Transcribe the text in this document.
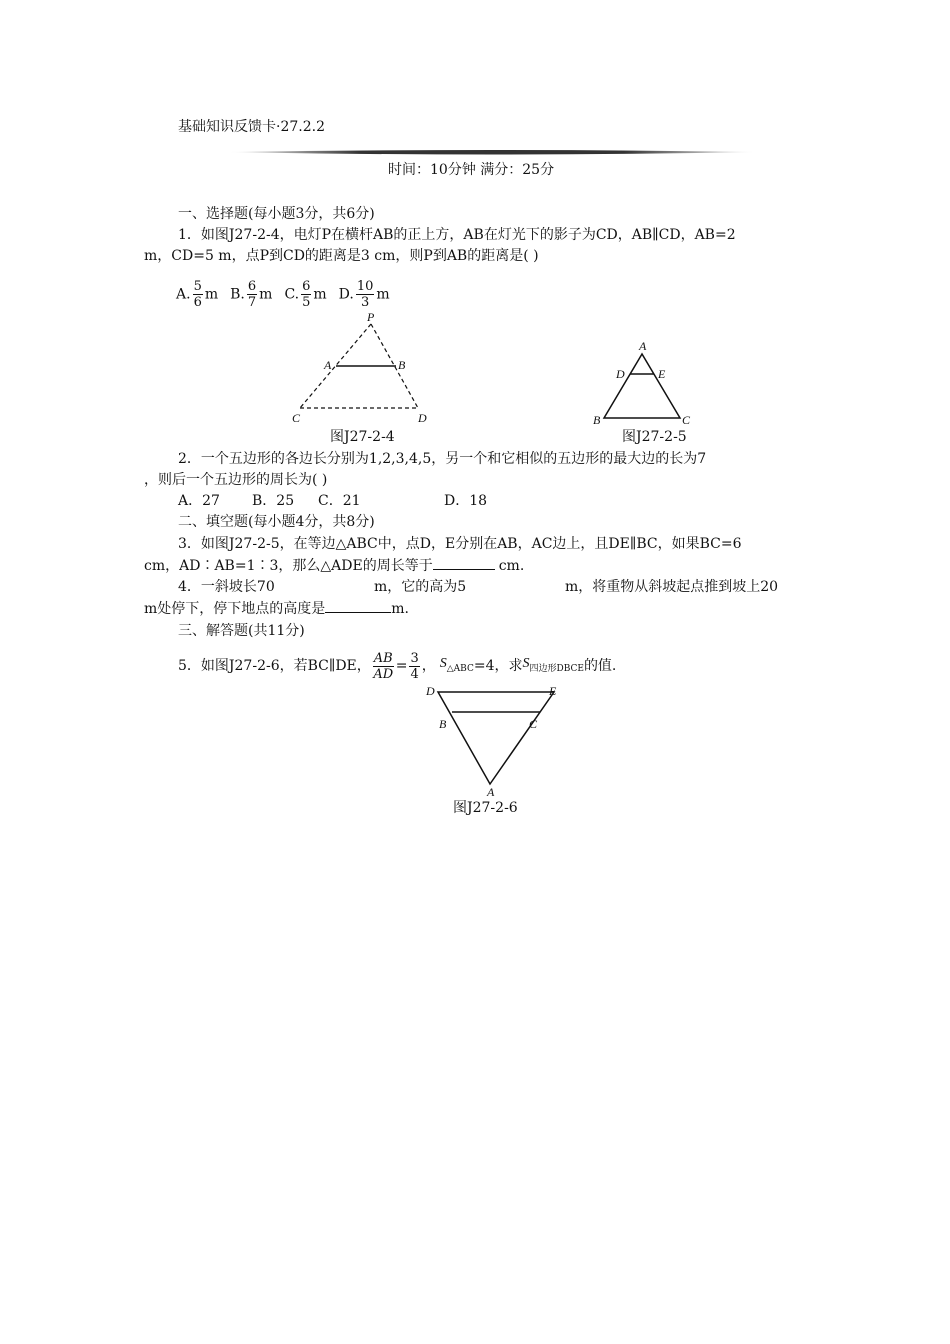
基础知识反馈卡·27.2.2
时间：10分钟 满分：25分
一、选择题(每小题3分，共6分)
1．如图J27-2-4，电灯P在横杆AB的正上方，AB在灯光下的影子为CD，AB∥CD，AB=2
m，CD=5 m，点P到CD的距离是3 cm，则P到AB的距离是( )
A. $\frac{5}{6}$ m B. $\frac{6}{7}$ m C. $\frac{6}{5}$ m D. $\frac{10}{3}$ m
P
A	B
C	D
图J27-2-4
A
D	E
B	C
图J27-2-5
2．一个五边形的各边长分别为1,2,3,4,5，另一个和它相似的五边形的最大边的长为7
，则后一个五边形的周长为( )
A．27 B．25 C．21	D．18
二、填空题(每小题4分，共8分)
3．如图J27-2-5，在等边△ABC中，点D，E分别在AB，AC边上，且DE∥BC，如果BC=6
cm，AD∶AB=1∶3，那么△ADE的周长等于	cm.
4．一斜坡长70	m，它的高为5	m，将重物从斜坡起点推到坡上20
m处停下，停下地点的高度是	m.
三、解答题(共11分)
5．如图J27-2-6，若BC∥DE， $\frac{AB}{AD} = \frac{3}{4}$ ， $S_{\triangle ABC} =4$，求 $S_{四边形DBCE}$ 的值.
D	E
B	C
A
图J27-2-6
